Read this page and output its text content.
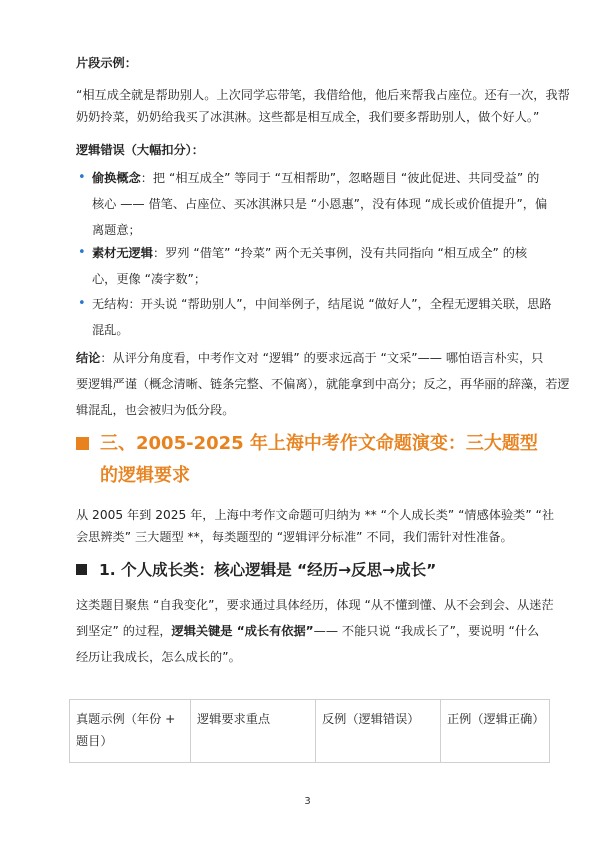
片段示例：
“相互成全就是帮助别人。上次同学忘带笔，我借给他，他后来帮我占座位。还有一次，我帮
奶奶拎菜，奶奶给我买了冰淇淋。这些都是相互成全，我们要多帮助别人，做个好人。”
逻辑错误（大幅扣分）：
• 偷换概念：把 “相互成全” 等同于 “互相帮助”，忽略题目 “彼此促进、共同受益” 的
核心 —— 借笔、占座位、买冰淇淋只是 “小恩惠”，没有体现 “成长或价值提升”，偏
离题意；
• 素材无逻辑：罗列 “借笔” “拎菜” 两个无关事例，没有共同指向 “相互成全” 的核
心，更像 “凑字数”；
• 无结构：开头说 “帮助别人”，中间举例子，结尾说 “做好人”，全程无逻辑关联，思路
混乱。
结论：从评分角度看，中考作文对 “逻辑” 的要求远高于 “文采”—— 哪怕语言朴实，只
要逻辑严谨（概念清晰、链条完整、不偏离），就能拿到中高分；反之，再华丽的辞藻，若逻
辑混乱，也会被归为低分段。
三、2005-2025 年上海中考作文命题演变：三大题型
的逻辑要求
从 2005 年到 2025 年，上海中考作文命题可归纳为 ** “个人成长类” “情感体验类” “社
会思辨类” 三大题型 **，每类题型的 “逻辑评分标准” 不同，我们需针对性准备。
1. 个人成长类：核心逻辑是 “经历→反思→成长”
这类题目聚焦 “自我变化”，要求通过具体经历，体现 “从不懂到懂、从不会到会、从迷茫
到坚定” 的过程，逻辑关键是 “成长有依据”—— 不能只说 “我成长了”，要说明 “什么
经历让我成长，怎么成长的”。
真题示例（年份 + 题目）	逻辑要求重点	反例（逻辑错误）	正例（逻辑正确）
3
